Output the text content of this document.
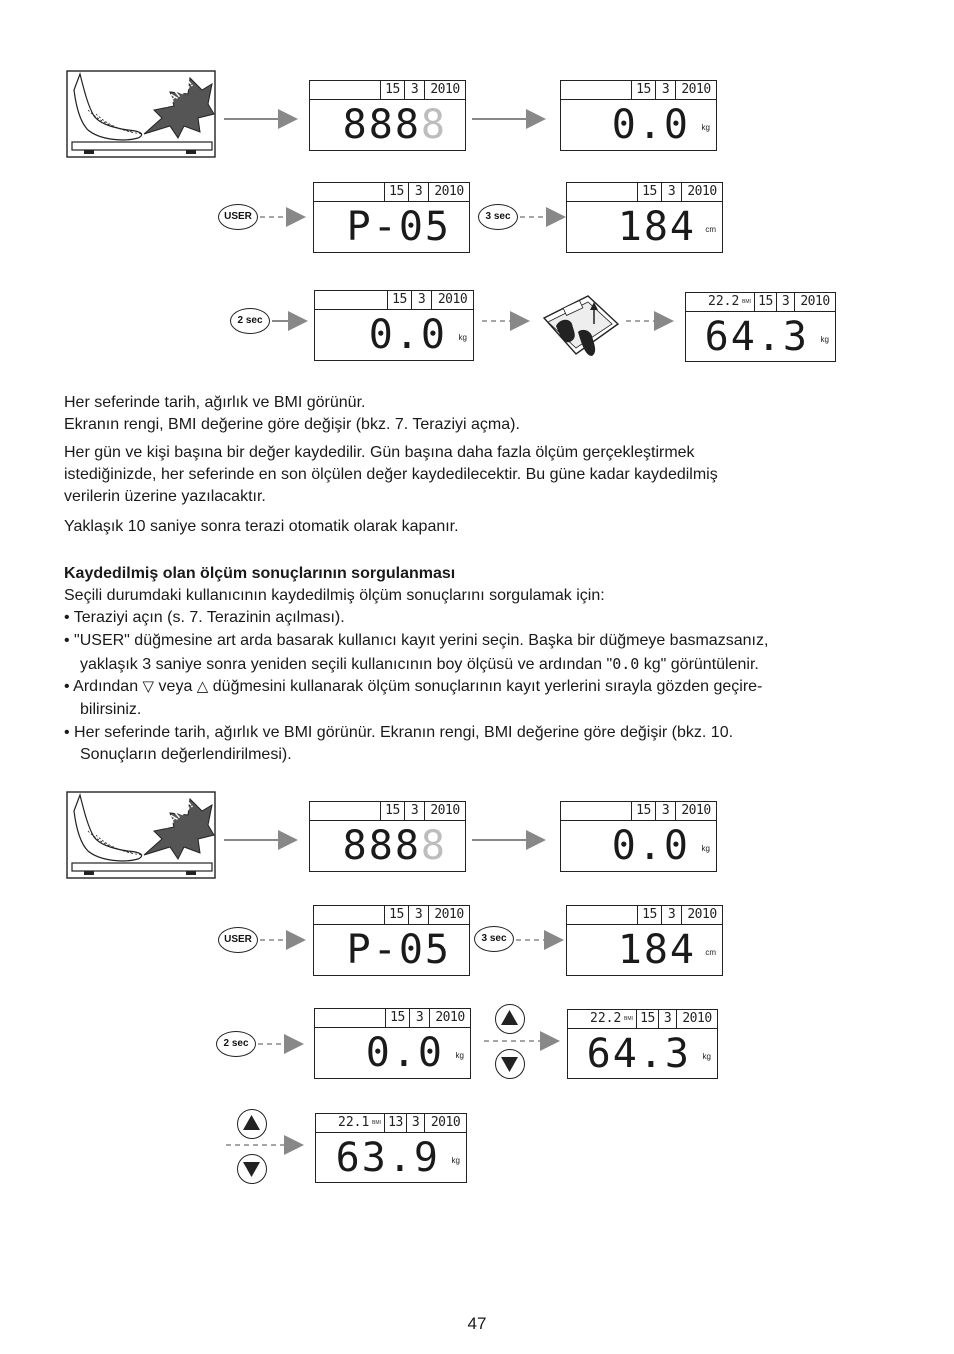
BANG!	15 3 2010
8888
15 3 2010
0.0 kg
USER
15 3 2010
P-05	3 sec
15 3 2010
184 cm
2 sec
15 3 2010
0.0 kg
22.2 BMI 15 3 2010
64.3 kg
Her seferinde tarih, ağırlık ve BMI görünür.
Ekranın rengi, BMI değerine göre değişir (bkz. 7. Teraziyi açma).
Her gün ve kişi başına bir değer kaydedilir. Gün başına daha fazla ölçüm gerçekleştirmek
istediğinizde, her seferinde en son ölçülen değer kaydedilecektir. Bu güne kadar kaydedilmiş
verilerin üzerine yazılacaktır.
Yaklaşık 10 saniye sonra terazi otomatik olarak kapanır.
Kaydedilmiş olan ölçüm sonuçlarının sorgulanması
Seçili durumdaki kullanıcının kaydedilmiş ölçüm sonuçlarını sorgulamak için:
• Teraziyi açın (s. 7. Terazinin açılması).
• "USER" düğmesine art arda basarak kullanıcı kayıt yerini seçin. Başka bir düğmeye basmazsanız,
yaklaşık 3 saniye sonra yeniden seçili kullanıcının boy ölçüsü ve ardından "0.0 kg" görüntülenir.
• Ardından ▽ veya △ düğmesini kullanarak ölçüm sonuçlarının kayıt yerlerini sırayla gözden geçire-
bilirsiniz.
• Her seferinde tarih, ağırlık ve BMI görünür. Ekranın rengi, BMI değerine göre değişir (bkz. 10.
Sonuçların değerlendirilmesi).
BANG!	15 3 2010
8888
15 3 2010
0.0 kg
USER
15 3 2010
P-05	3 sec
15 3 2010
184 cm
2 sec
15 3 2010
0.0 kg
22.2 BMI 15 3 2010
64.3 kg
22.1 BMI 13 3 2010
63.9 kg
47
